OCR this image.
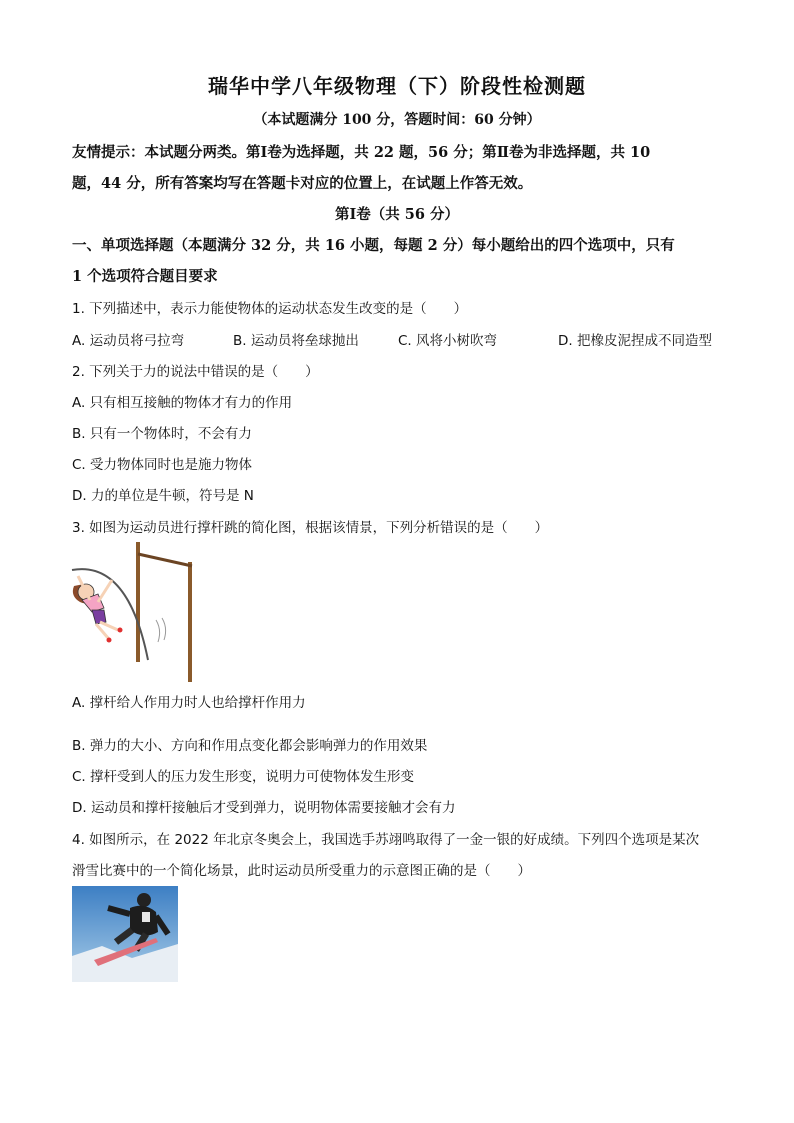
瑞华中学八年级物理（下）阶段性检测题
（本试题满分 100 分，答题时间：60 分钟）
友情提示：本试题分两类。第Ⅰ卷为选择题，共 22 题，56 分；第Ⅱ卷为非选择题，共 10
题，44 分，所有答案均写在答题卡对应的位置上，在试题上作答无效。
第Ⅰ卷（共 56 分）
一、单项选择题（本题满分 32 分，共 16 小题，每题 2 分）每小题给出的四个选项中，只有
1 个选项符合题目要求
1. 下列描述中，表示力能使物体的运动状态发生改变的是（　　）
A. 运动员将弓拉弯	B. 运动员将垒球抛出	C. 风将小树吹弯	D. 把橡皮泥捏成不同造型
2. 下列关于力的说法中错误的是（　　）
A. 只有相互接触的物体才有力的作用
B. 只有一个物体时，不会有力
C. 受力物体同时也是施力物体
D. 力的单位是牛顿，符号是 N
3. 如图为运动员进行撑杆跳的简化图，根据该情景，下列分析错误的是（　　）
A. 撑杆给人作用力时人也给撑杆作用力
B. 弹力的大小、方向和作用点变化都会影响弹力的作用效果
C. 撑杆受到人的压力发生形变，说明力可使物体发生形变
D. 运动员和撑杆接触后才受到弹力，说明物体需要接触才会有力
4. 如图所示，在 2022 年北京冬奥会上，我国选手苏翊鸣取得了一金一银的好成绩。下列四个选项是某次
滑雪比赛中的一个简化场景，此时运动员所受重力的示意图正确的是（　　）
